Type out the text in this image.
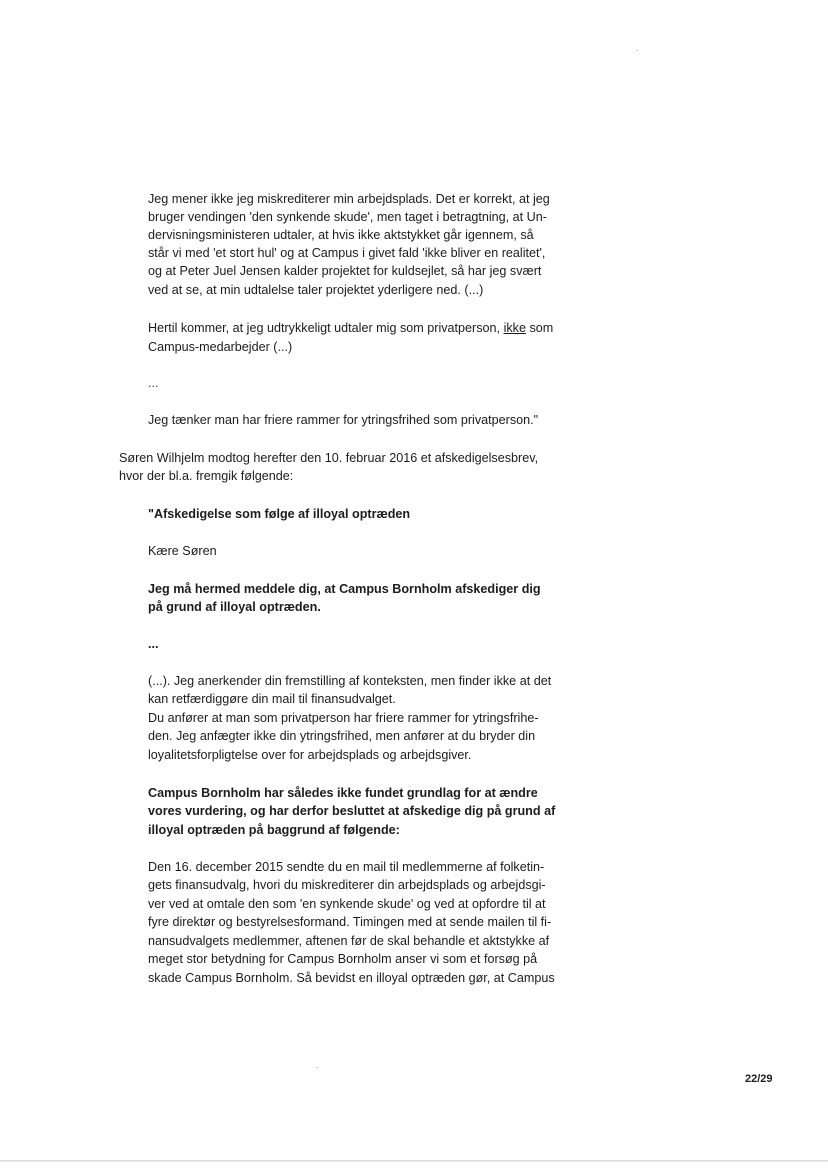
Jeg mener ikke jeg miskrediterer min arbejdsplads. Det er korrekt, at jeg
bruger vendingen 'den synkende skude', men taget i betragtning, at Un-
dervisningsministeren udtaler, at hvis ikke aktstykket går igennem, så
står vi med 'et stort hul' og at Campus i givet fald 'ikke bliver en realitet',
og at Peter Juel Jensen kalder projektet for kuldsejlet, så har jeg svært
ved at se, at min udtalelse taler projektet yderligere ned. (...)
Hertil kommer, at jeg udtrykkeligt udtaler mig som privatperson, ikke som
Campus-medarbejder (...)
...
Jeg tænker man har friere rammer for ytringsfrihed som privatperson."
Søren Wilhjelm modtog herefter den 10. februar 2016 et afskedigelsesbrev,
hvor der bl.a. fremgik følgende:
"Afskedigelse som følge af illoyal optræden
Kære Søren
Jeg må hermed meddele dig, at Campus Bornholm afskediger dig
på grund af illoyal optræden.
...
(...). Jeg anerkender din fremstilling af konteksten, men finder ikke at det
kan retfærdiggøre din mail til finansudvalget.
Du anfører at man som privatperson har friere rammer for ytringsfrihe-
den. Jeg anfægter ikke din ytringsfrihed, men anfører at du bryder din
loyalitetsforpligtelse over for arbejdsplads og arbejdsgiver.
Campus Bornholm har således ikke fundet grundlag for at ændre
vores vurdering, og har derfor besluttet at afskedige dig på grund af
illoyal optræden på baggrund af følgende:
Den 16. december 2015 sendte du en mail til medlemmerne af folketin-
gets finansudvalg, hvori du miskrediterer din arbejdsplads og arbejdsgi-
ver ved at omtale den som 'en synkende skude' og ved at opfordre til at
fyre direktør og bestyrelsesformand. Timingen med at sende mailen til fi-
nansudvalgets medlemmer, aftenen før de skal behandle et aktstykke af
meget stor betydning for Campus Bornholm anser vi som et forsøg på
skade Campus Bornholm. Så bevidst en illoyal optræden gør, at Campus
22/29
